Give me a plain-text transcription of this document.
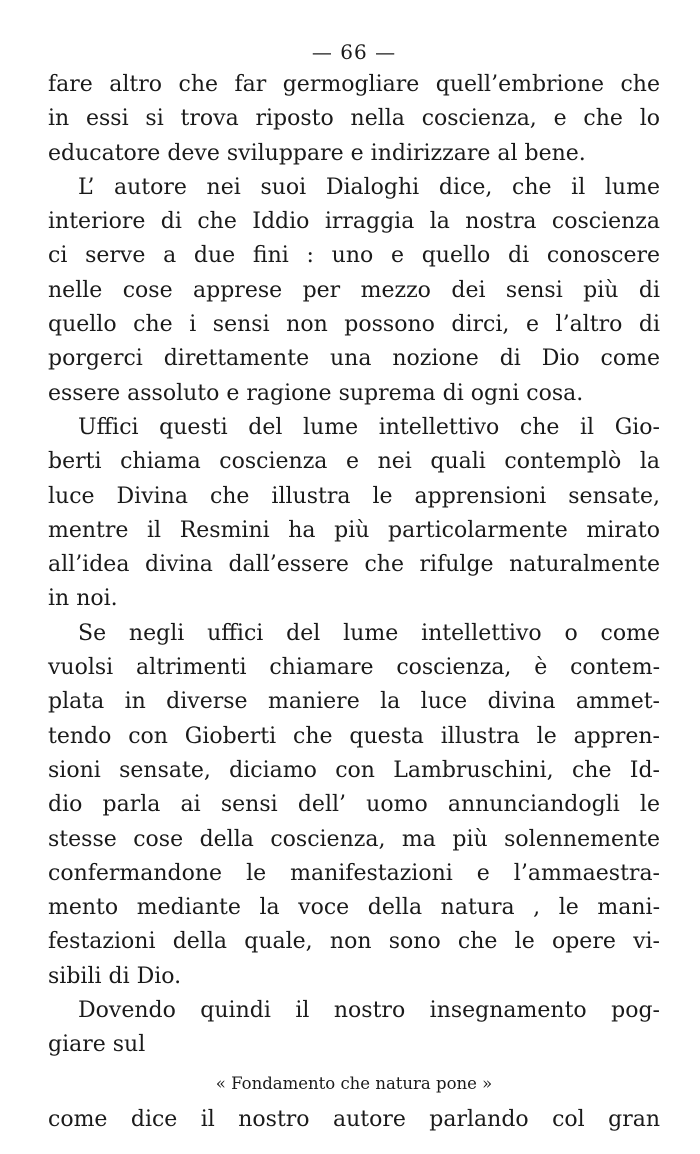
— 66 —

fare altro che far germogliare quell’embrione che
in essi si trova riposto nella coscienza, e che lo
educatore deve sviluppare e indirizzare al bene.

L’ autore nei suoi Dialoghi dice, che il lume
interiore di che Iddio irraggia la nostra coscienza
ci serve a due fini : uno e quello di conoscere
nelle cose apprese per mezzo dei sensi più di
quello che i sensi non possono dirci, e l’altro di
porgerci direttamente una nozione di Dio come
essere assoluto e ragione suprema di ogni cosa.

Uffici questi del lume intellettivo che il Gio-
berti chiama coscienza e nei quali contemplò la
luce Divina che illustra le apprensioni sensate,
mentre il Resmini ha più particolarmente mirato
all’idea divina dall’essere che rifulge naturalmente
in noi.

Se negli uffici del lume intellettivo o come
vuolsi altrimenti chiamare coscienza, è contem-
plata in diverse maniere la luce divina ammet-
tendo con Gioberti che questa illustra le appren-
sioni sensate, diciamo con Lambruschini, che Id-
dio parla ai sensi dell’ uomo annunciandogli le
stesse cose della coscienza, ma più solennemente
confermandone le manifestazioni e l’ammaestra-
mento mediante la voce della natura , le mani-
festazioni della quale, non sono che le opere vi-
sibili di Dio.

Dovendo quindi il nostro insegnamento pog-
giare sul

« Fondamento che natura pone »

come dice il nostro autore parlando col gran
